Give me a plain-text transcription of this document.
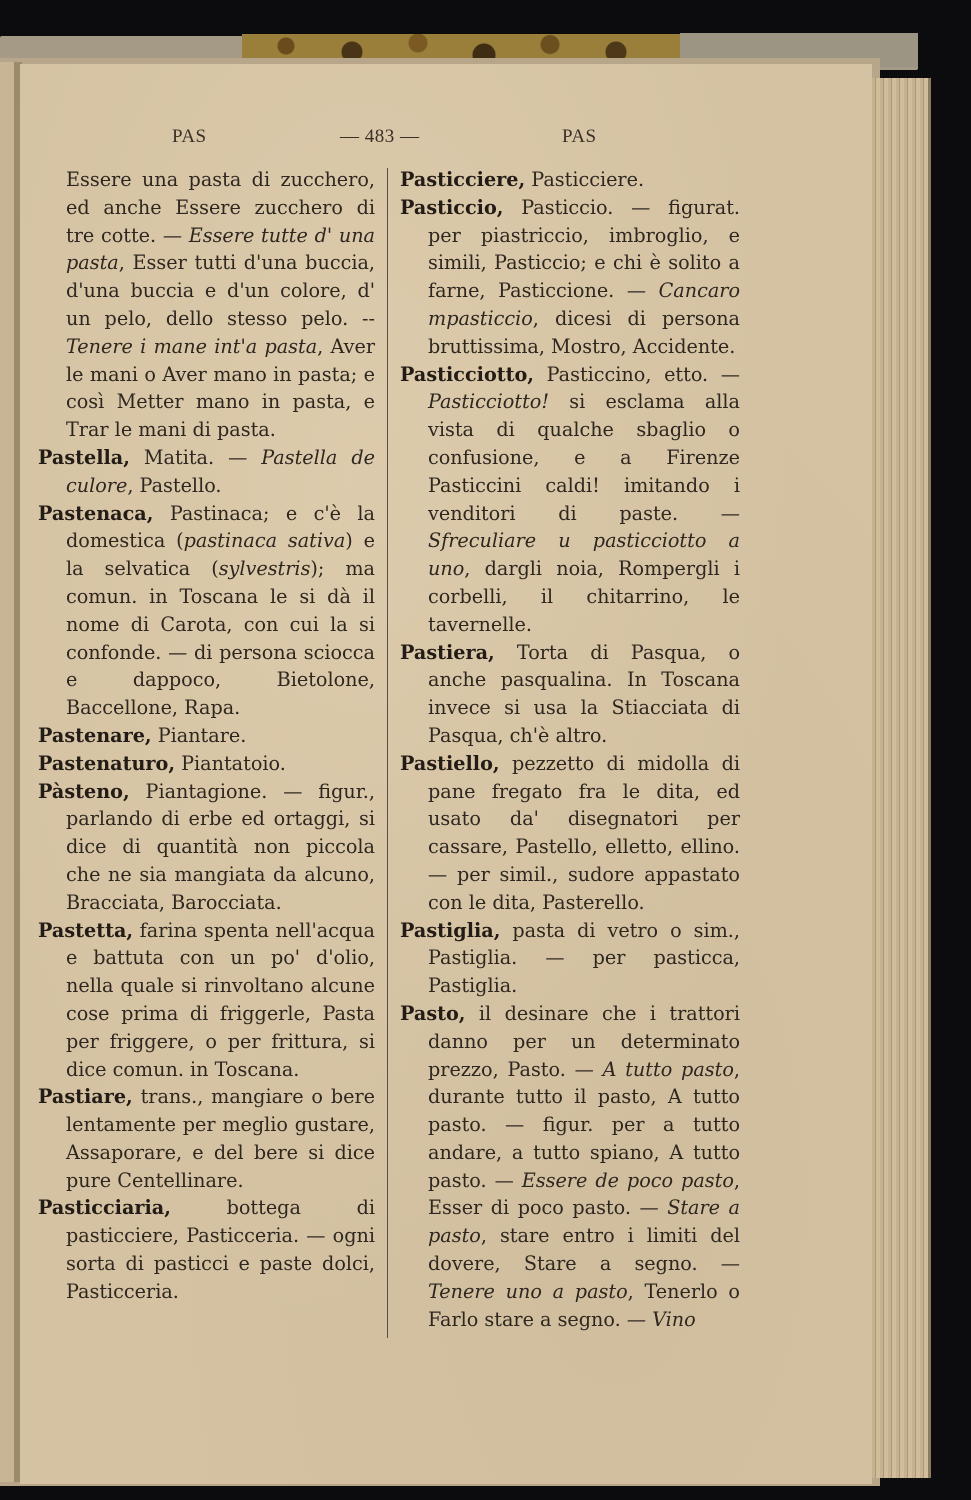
PAS	— 483 —	PAS

Essere una pasta di zucchero, ed anche Essere zucchero di tre cotte. — Essere tutte d' una pasta, Esser tutti d'una buccia, d'una buccia e d'un colore, d' un pelo, dello stesso pelo. -- Tenere i mane int'a pasta, Aver le mani o Aver mano in pasta; e così Metter mano in pasta, e Trar le mani di pasta.

Pastella, Matita. — Pastella de culore, Pastello.

Pastenaca, Pastinaca; e c'è la domestica (pastinaca sativa) e la selvatica (sylvestris); ma comun. in Toscana le si dà il nome di Carota, con cui la si confonde. — di persona sciocca e dappoco, Bietolone, Baccellone, Rapa.

Pastenare, Piantare.

Pastenaturo, Piantatoio.

Pàsteno, Piantagione. — figur., parlando di erbe ed ortaggi, si dice di quantità non piccola che ne sia mangiata da alcuno, Bracciata, Barocciata.

Pastetta, farina spenta nell'acqua e battuta con un po' d'olio, nella quale si rinvoltano alcune cose prima di friggerle, Pasta per friggere, o per frittura, si dice comun. in Toscana.

Pastiare, trans., mangiare o bere lentamente per meglio gustare, Assaporare, e del bere si dice pure Centellinare.

Pasticciaria, bottega di pasticciere, Pasticceria. — ogni sorta di pasticci e paste dolci, Pasticceria.

Pasticciere, Pasticciere.

Pasticcio, Pasticcio. — figurat. per piastriccio, imbroglio, e simili, Pasticcio; e chi è solito a farne, Pasticcione. — Cancaro mpasticcio, dicesi di persona bruttissima, Mostro, Accidente.

Pasticciotto, Pasticcino, etto. — Pasticciotto! si esclama alla vista di qualche sbaglio o confusione, e a Firenze Pasticcini caldi! imitando i venditori di paste. — Sfreculiare u pasticciotto a uno, dargli noia, Rompergli i corbelli, il chitarrino, le tavernelle.

Pastiera, Torta di Pasqua, o anche pasqualina. In Toscana invece si usa la Stiacciata di Pasqua, ch'è altro.

Pastiello, pezzetto di midolla di pane fregato fra le dita, ed usato da' disegnatori per cassare, Pastello, elletto, ellino. — per simil., sudore appastato con le dita, Pasterello.

Pastiglia, pasta di vetro o sim., Pastiglia. — per pasticca, Pastiglia.

Pasto, il desinare che i trattori danno per un determinato prezzo, Pasto. — A tutto pasto, durante tutto il pasto, A tutto pasto. — figur. per a tutto andare, a tutto spiano, A tutto pasto. — Essere de poco pasto, Esser di poco pasto. — Stare a pasto, stare entro i limiti del dovere, Stare a segno. — Tenere uno a pasto, Tenerlo o Farlo stare a segno. — Vino
